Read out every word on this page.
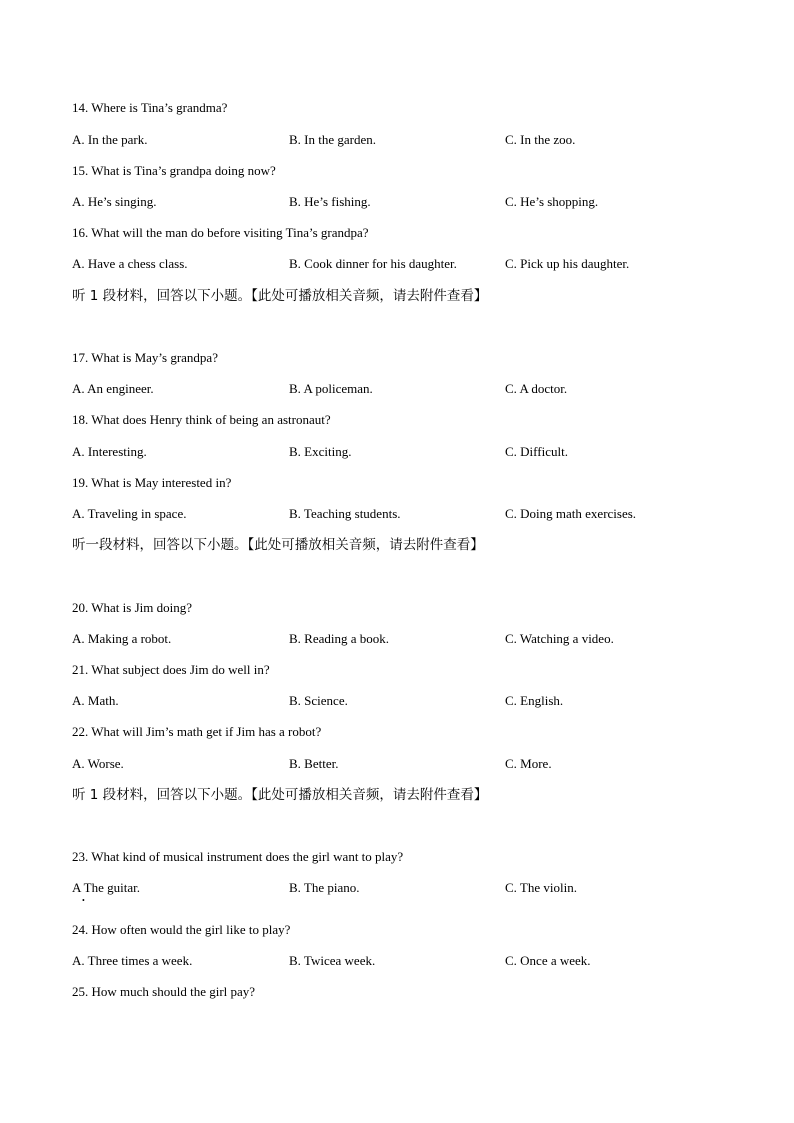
14. Where is Tina’s grandma?
A. In the park.	B. In the garden.	C. In the zoo.
15. What is Tina’s grandpa doing now?
A. He’s singing.	B. He’s fishing.	C. He’s shopping.
16. What will the man do before visiting Tina’s grandpa?
A. Have a chess class.	B. Cook dinner for his daughter.	C. Pick up his daughter.
听 1 段材料，回答以下小题。【此处可播放相关音频，请去附件查看】
17. What is May’s grandpa?
A. An engineer.	B. A policeman.	C. A doctor.
18. What does Henry think of being an astronaut?
A. Interesting.	B. Exciting.	C. Difficult.
19. What is May interested in?
A. Traveling in space.	B. Teaching students.	C. Doing math exercises.
听一段材料，回答以下小题。【此处可播放相关音频，请去附件查看】
20. What is Jim doing?
A. Making a robot.	B. Reading a book.	C. Watching a video.
21. What subject does Jim do well in?
A. Math.	B. Science.	C. English.
22. What will Jim’s math get if Jim has a robot?
A. Worse.	B. Better.	C. More.
听 1 段材料，回答以下小题。【此处可播放相关音频，请去附件查看】
23. What kind of musical instrument does the girl want to play?
A The guitar.	B. The piano.	C. The violin.
•
24. How often would the girl like to play?
A. Three times a week.	B. Twicea week.	C. Once a week.
25. How much should the girl pay?
